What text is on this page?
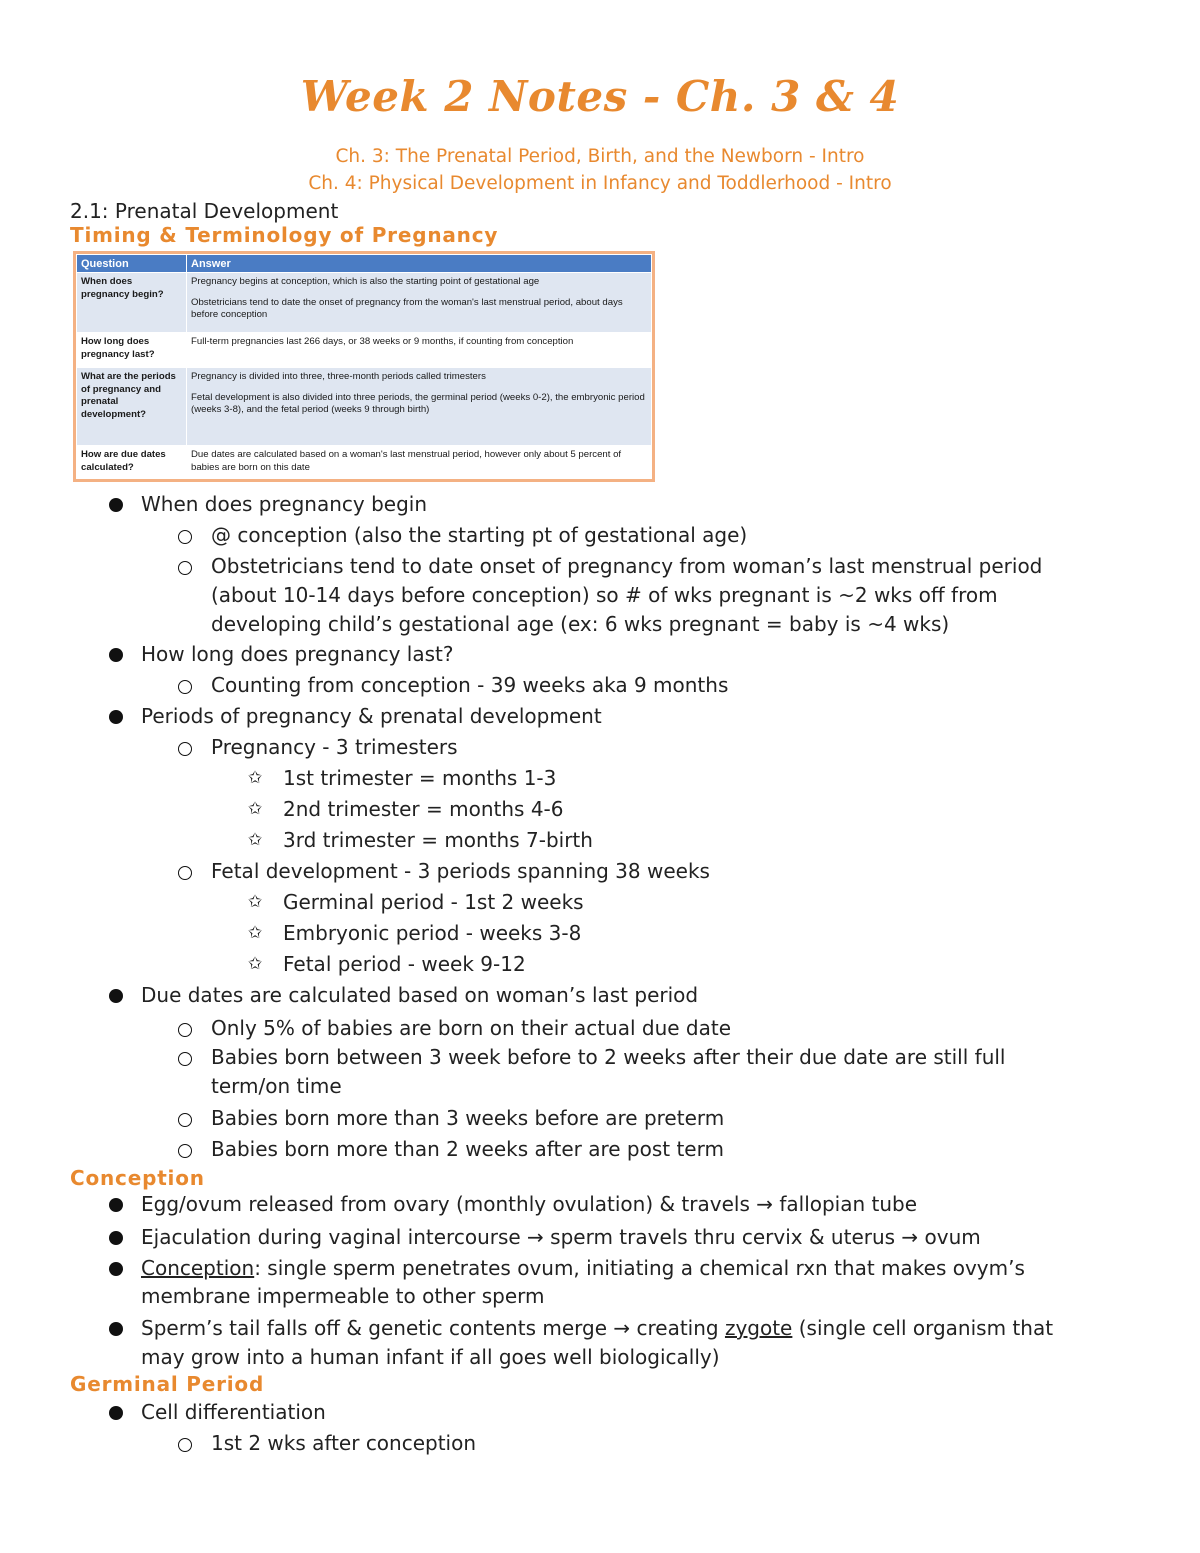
Week 2 Notes - Ch. 3 & 4
Ch. 3: The Prenatal Period, Birth, and the Newborn - Intro
Ch. 4: Physical Development in Infancy and Toddlerhood - Intro
2.1: Prenatal Development
Timing & Terminology of Pregnancy
Question	Answer
When does pregnancy begin?	Pregnancy begins at conception, which is also the starting point of gestational age
Obstetricians tend to date the onset of pregnancy from the woman's last menstrual period, about days before conception

How long does pregnancy last?	Full-term pregnancies last 266 days, or 38 weeks or 9 months, if counting from conception
What are the periods of pregnancy and prenatal development?	Pregnancy is divided into three, three-month periods called trimesters
Fetal development is also divided into three periods, the germinal period (weeks 0-2), the embryonic period (weeks 3-8), and the fetal period (weeks 9 through birth)

How are due dates calculated?	Due dates are calculated based on a woman's last menstrual period, however only about 5 percent of babies are born on this date
When does pregnancy begin
@ conception (also the starting pt of gestational age)
Obstetricians tend to date onset of pregnancy from woman’s last menstrual period
(about 10-14 days before conception) so # of wks pregnant is ~2 wks off from
developing child’s gestational age (ex: 6 wks pregnant = baby is ~4 wks)
How long does pregnancy last?
Counting from conception - 39 weeks aka 9 months
Periods of pregnancy & prenatal development
Pregnancy - 3 trimesters
✩ 1st trimester = months 1-3
✩ 2nd trimester = months 4-6
✩ 3rd trimester = months 7-birth
Fetal development - 3 periods spanning 38 weeks
✩ Germinal period - 1st 2 weeks
✩ Embryonic period - weeks 3-8
✩ Fetal period - week 9-12
Due dates are calculated based on woman’s last period
Only 5% of babies are born on their actual due date
Babies born between 3 week before to 2 weeks after their due date are still full
term/on time
Babies born more than 3 weeks before are preterm
Babies born more than 2 weeks after are post term
Conception
Egg/ovum released from ovary (monthly ovulation) & travels → fallopian tube
Ejaculation during vaginal intercourse → sperm travels thru cervix & uterus → ovum
Conception: single sperm penetrates ovum, initiating a chemical rxn that makes ovym’s
membrane impermeable to other sperm
Sperm’s tail falls off & genetic contents merge → creating zygote (single cell organism that
may grow into a human infant if all goes well biologically)
Germinal Period
Cell differentiation
1st 2 wks after conception
